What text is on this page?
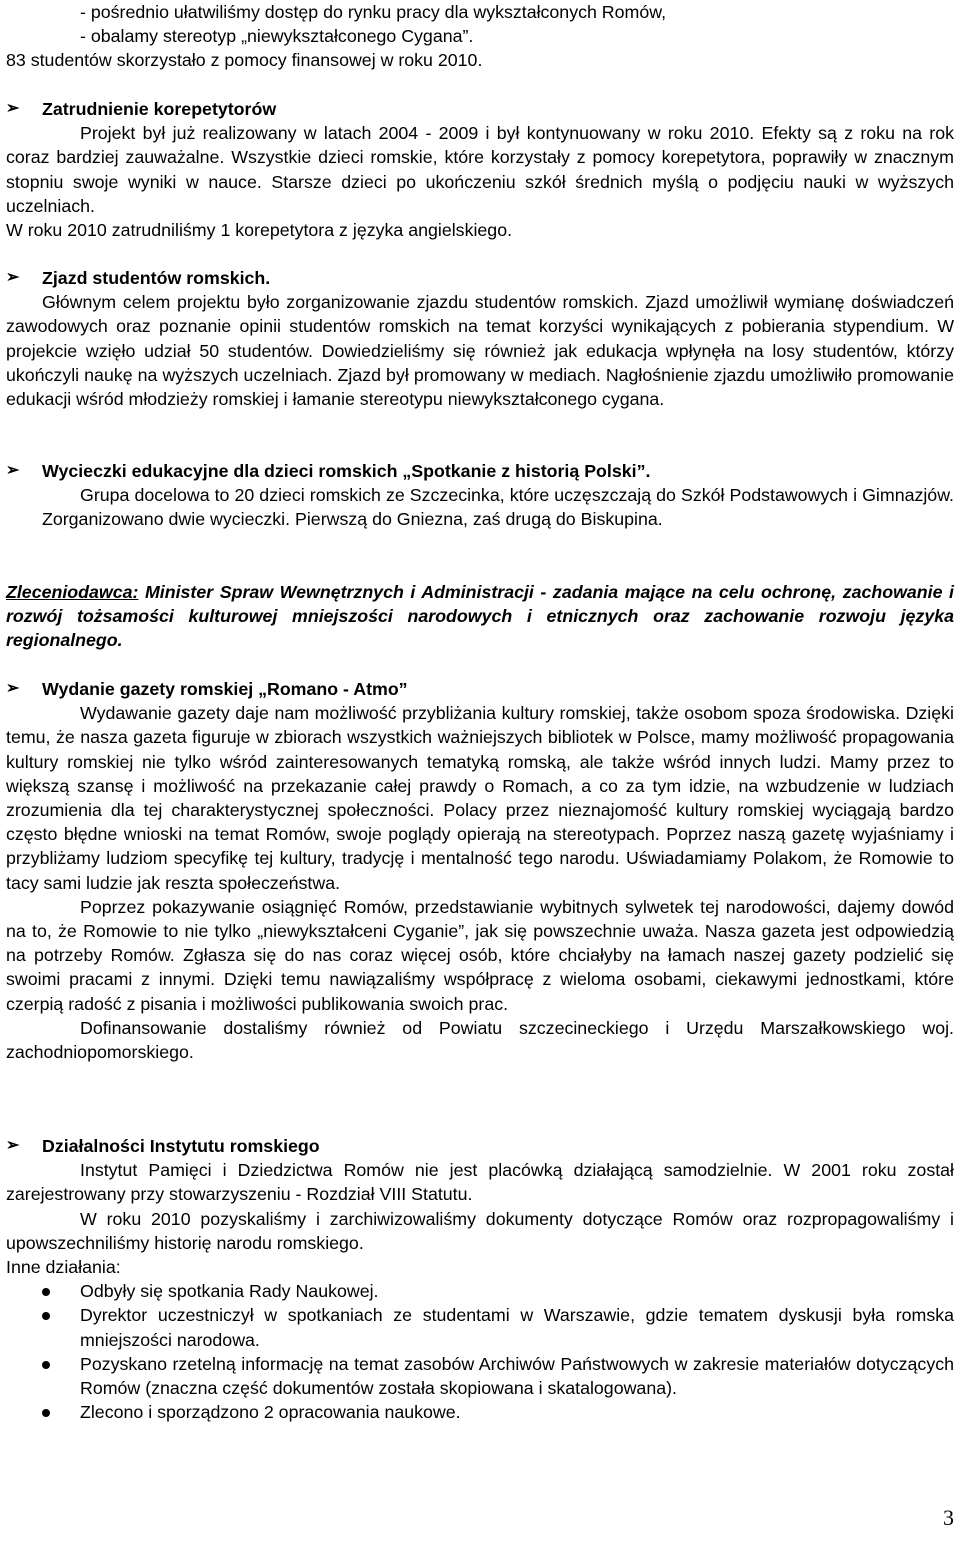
- pośrednio ułatwiliśmy dostęp do rynku pracy dla wykształconych Romów,
- obalamy stereotyp „niewykształconego Cygana”.
83 studentów skorzystało z pomocy finansowej w roku 2010.
➢	Zatrudnienie korepetytorów
Projekt był już realizowany w latach 2004 - 2009 i był kontynuowany w roku 2010. Efekty są z roku na rok coraz bardziej zauważalne. Wszystkie dzieci romskie, które korzystały z pomocy korepetytora, poprawiły w znacznym stopniu swoje wyniki w nauce. Starsze dzieci po ukończeniu szkół średnich myślą o podjęciu nauki w wyższych uczelniach.
W roku 2010 zatrudniliśmy 1 korepetytora z języka angielskiego.
➢	Zjazd studentów romskich.
Głównym celem projektu było zorganizowanie zjazdu studentów romskich. Zjazd umożliwił wymianę doświadczeń zawodowych oraz poznanie opinii studentów romskich na temat korzyści wynikających z pobierania stypendium. W projekcie wzięło udział 50 studentów. Dowiedzieliśmy się również jak edukacja wpłynęła na losy studentów, którzy ukończyli naukę na wyższych uczelniach. Zjazd był promowany w mediach. Nagłośnienie zjazdu umożliwiło promowanie edukacji wśród młodzieży romskiej i łamanie stereotypu niewykształconego cygana.
➢	Wycieczki edukacyjne dla dzieci romskich „Spotkanie z historią Polski”.
Grupa docelowa to 20 dzieci romskich ze Szczecinka, które uczęszczają do Szkół Podstawowych i Gimnazjów. Zorganizowano dwie wycieczki. Pierwszą do Gniezna, zaś drugą do Biskupina.
Zleceniodawca: Minister Spraw Wewnętrznych i Administracji - zadania mające na celu ochronę, zachowanie i rozwój tożsamości kulturowej mniejszości narodowych i etnicznych oraz zachowanie rozwoju języka regionalnego.
➢	Wydanie gazety romskiej „Romano - Atmo”
Wydawanie gazety daje nam możliwość przybliżania kultury romskiej, także osobom spoza środowiska. Dzięki temu, że nasza gazeta figuruje w zbiorach wszystkich ważniejszych bibliotek w Polsce, mamy możliwość propagowania kultury romskiej nie tylko wśród zainteresowanych tematyką romską, ale także wśród innych ludzi. Mamy przez to większą szansę i możliwość na przekazanie całej prawdy o Romach, a co za tym idzie, na wzbudzenie w ludziach zrozumienia dla tej charakterystycznej społeczności. Polacy przez nieznajomość kultury romskiej wyciągają bardzo często błędne wnioski na temat Romów, swoje poglądy opierają na stereotypach. Poprzez naszą gazetę wyjaśniamy i przybliżamy ludziom specyfikę tej kultury, tradycję i mentalność tego narodu. Uświadamiamy Polakom, że Romowie to tacy sami ludzie jak reszta społeczeństwa.
Poprzez pokazywanie osiągnięć Romów, przedstawianie wybitnych sylwetek tej narodowości, dajemy dowód na to, że Romowie to nie tylko „niewykształceni Cyganie”, jak się powszechnie uważa. Nasza gazeta jest odpowiedzią na potrzeby Romów. Zgłasza się do nas coraz więcej osób, które chciałyby na łamach naszej gazety podzielić się swoimi pracami z innymi. Dzięki temu nawiązaliśmy współpracę z wieloma osobami, ciekawymi jednostkami, które czerpią radość z pisania i możliwości publikowania swoich prac.
Dofinansowanie dostaliśmy również od Powiatu szczecineckiego i Urzędu Marszałkowskiego woj. zachodniopomorskiego.
➢	Działalności Instytutu romskiego
Instytut Pamięci i Dziedzictwa Romów nie jest placówką działającą samodzielnie. W 2001 roku został zarejestrowany przy stowarzyszeniu - Rozdział VIII Statutu.
W roku 2010 pozyskaliśmy i zarchiwizowaliśmy dokumenty dotyczące Romów oraz rozpropagowaliśmy i upowszechniliśmy historię narodu romskiego.
Inne działania:
Odbyły się spotkania Rady Naukowej.
Dyrektor uczestniczył w spotkaniach ze studentami w Warszawie, gdzie tematem dyskusji była romska mniejszości narodowa.
Pozyskano rzetelną informację na temat zasobów Archiwów Państwowych w zakresie materiałów dotyczących Romów (znaczna część dokumentów została skopiowana i skatalogowana).
Zlecono i sporządzono 2 opracowania naukowe.
3
